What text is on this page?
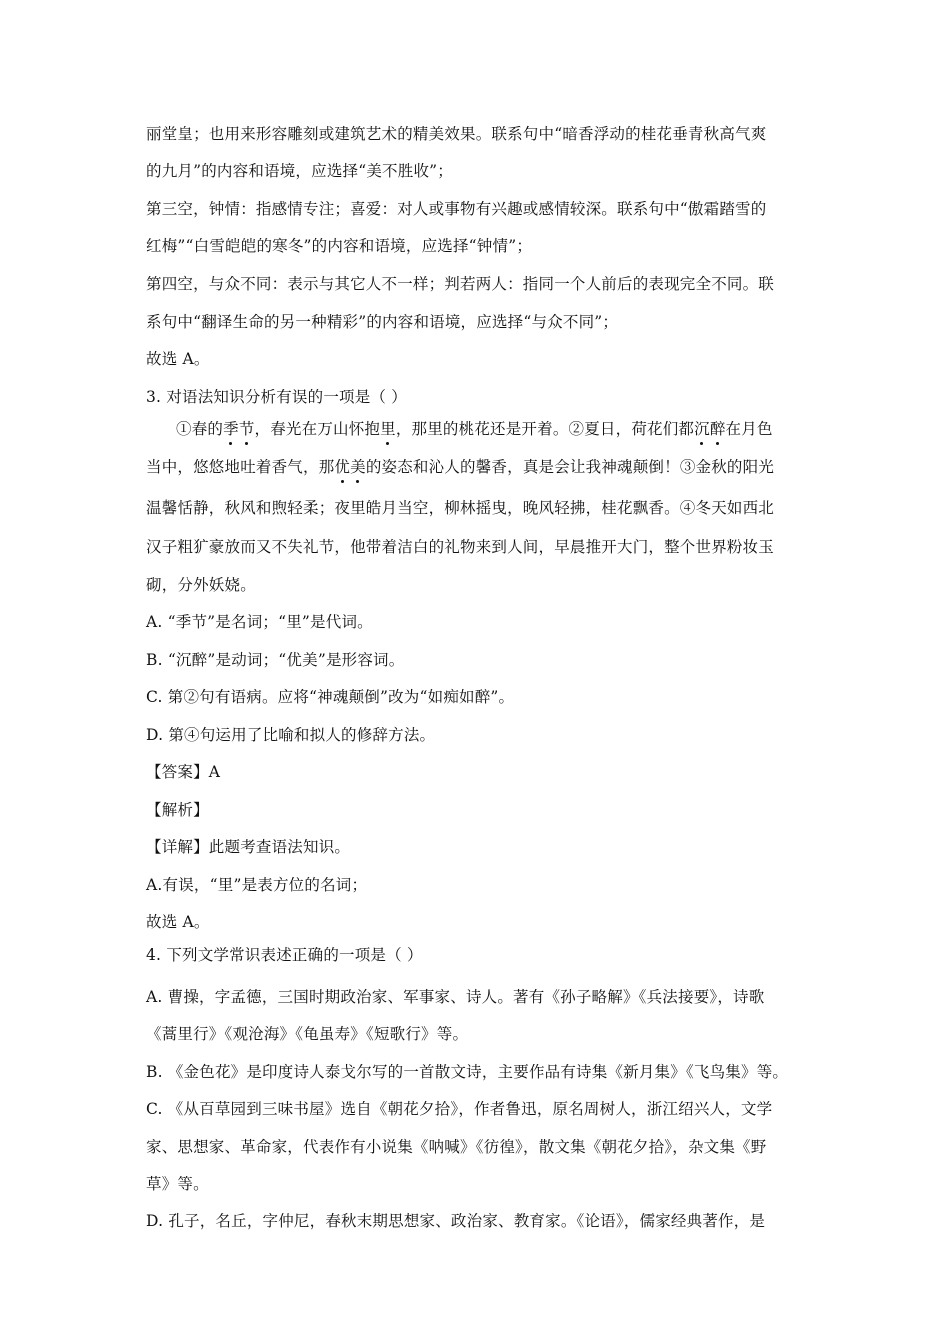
丽堂皇；也用来形容雕刻或建筑艺术的精美效果。联系句中“暗香浮动的桂花垂青秋高气爽
的九月”的内容和语境，应选择“美不胜收”；
第三空，钟情：指感情专注；喜爱：对人或事物有兴趣或感情较深。联系句中“傲霜踏雪的
红梅”“白雪皑皑的寒冬”的内容和语境，应选择“钟情”；
第四空，与众不同：表示与其它人不一样；判若两人：指同一个人前后的表现完全不同。联
系句中“翻译生命的另一种精彩”的内容和语境，应选择“与众不同”；
故选 A。
3. 对语法知识分析有误的一项是（ ）
①春的季节，春光在万山怀抱里，那里的桃花还是开着。②夏日，荷花们都沉醉在月色
当中，悠悠地吐着香气，那优美的姿态和沁人的馨香，真是会让我神魂颠倒！③金秋的阳光
温馨恬静，秋风和煦轻柔；夜里皓月当空，柳林摇曳，晚风轻拂，桂花飘香。④冬天如西北
汉子粗犷豪放而又不失礼节，他带着洁白的礼物来到人间，早晨推开大门，整个世界粉妆玉
砌，分外妖娆。
A. “季节”是名词；“里”是代词。
B. “沉醉”是动词；“优美”是形容词。
C. 第②句有语病。应将“神魂颠倒”改为“如痴如醉”。
D. 第④句运用了比喻和拟人的修辞方法。
【答案】A
【解析】
【详解】此题考查语法知识。
A.有误，“里”是表方位的名词；
故选 A。
4. 下列文学常识表述正确的一项是（ ）
A. 曹操，字孟德，三国时期政治家、军事家、诗人。著有《孙子略解》《兵法接要》，诗歌
《蒿里行》《观沧海》《龟虽寿》《短歌行》等。
B. 《金色花》是印度诗人泰戈尔写的一首散文诗，主要作品有诗集《新月集》《飞鸟集》等。
C. 《从百草园到三味书屋》选自《朝花夕拾》，作者鲁迅，原名周树人，浙江绍兴人，文学
家、思想家、革命家，代表作有小说集《呐喊》《彷徨》，散文集《朝花夕拾》，杂文集《野
草》等。
D. 孔子，名丘，字仲尼，春秋末期思想家、政治家、教育家。《论语》，儒家经典著作，是
